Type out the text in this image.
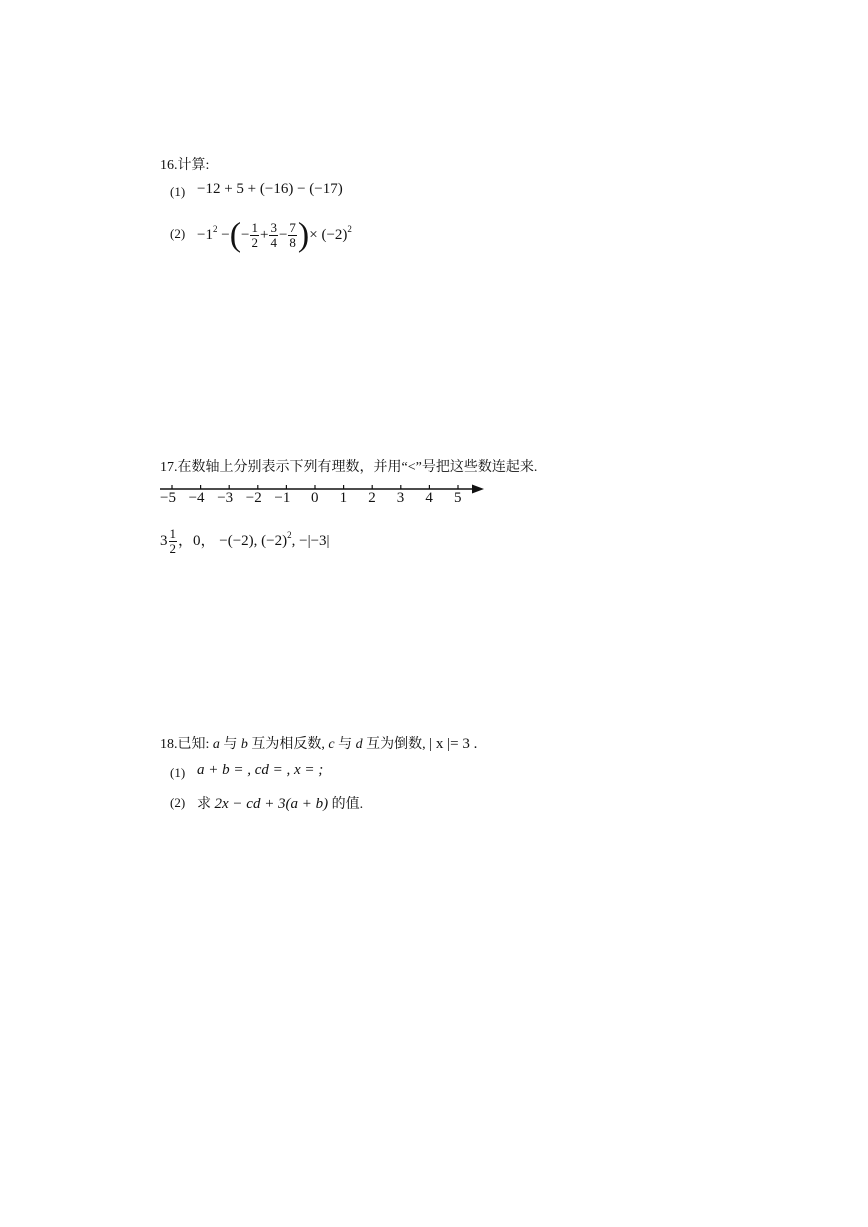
16.计算:
(1) −12 + 5 + (−16) − (−17)
$(2) -1^2$ −(− $\frac{1}{2} + \frac{3}{4} - \frac{7}{8}$ )× $(-2)^2$
17.在数轴上分别表示下列有理数，并用“<”号把这些数连起来.
−5 −4 −3 −2 −1 0 1 2 3 4 5
$3 \frac{1}{2}$ ，0， −(−2), $(-2)^2$, −|−3|
18.已知: a 与 b 互为相反数, c 与 d 互为倒数, | x |= 3 .
(1) a + b = , cd = , x = ;
(2) 求 2x − cd + 3(a + b) 的值.
